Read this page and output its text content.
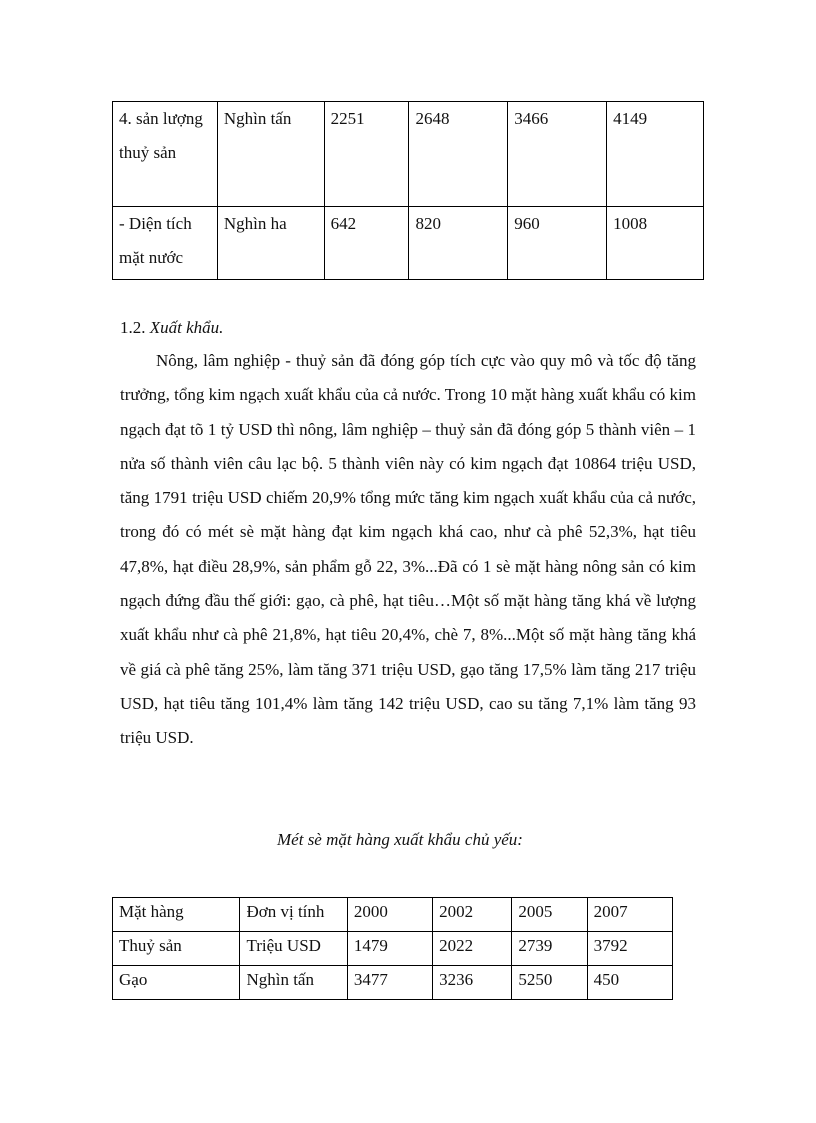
4. sản lượng thuỷ sản	Nghìn tấn	2251	2648	3466	4149
- Diện tích mặt nước	Nghìn ha	642	820	960	1008
1.2. Xuất khẩu.

Nông, lâm nghiệp - thuỷ sản đã đóng góp tích cực vào quy mô và tốc độ tăng trưởng, tổng kim ngạch xuất khẩu của cả nước. Trong 10 mặt hàng xuất khẩu có kim ngạch đạt tõ 1 tỷ USD thì nông, lâm nghiệp – thuỷ sản đã đóng góp 5 thành viên – 1 nửa số thành viên câu lạc bộ. 5 thành viên này có kim ngạch đạt 10864 triệu USD, tăng 1791 triệu USD chiếm 20,9% tổng mức tăng kim ngạch xuất khẩu của cả nước, trong đó có mét sè mặt hàng đạt kim ngạch khá cao, như cà phê 52,3%, hạt tiêu 47,8%, hạt điều 28,9%, sản phẩm gỗ 22, 3%...Đã có 1 sè mặt hàng nông sản có kim ngạch đứng đầu thế giới: gạo, cà phê, hạt tiêu…Một số mặt hàng tăng khá về lượng xuất khẩu như cà phê 21,8%, hạt tiêu 20,4%, chè 7, 8%...Một số mặt hàng tăng khá về giá cà phê tăng 25%, làm tăng 371 triệu USD, gạo tăng 17,5% làm tăng 217 triệu USD, hạt tiêu tăng 101,4% làm tăng 142 triệu USD, cao su tăng 7,1% làm tăng 93 triệu USD.

Mét sè mặt hàng xuất khẩu chủ yếu:

Mặt hàng	Đơn vị tính	2000	2002	2005	2007
Thuỷ sản	Triệu USD	1479	2022	2739	3792
Gạo	Nghìn tấn	3477	3236	5250	450
